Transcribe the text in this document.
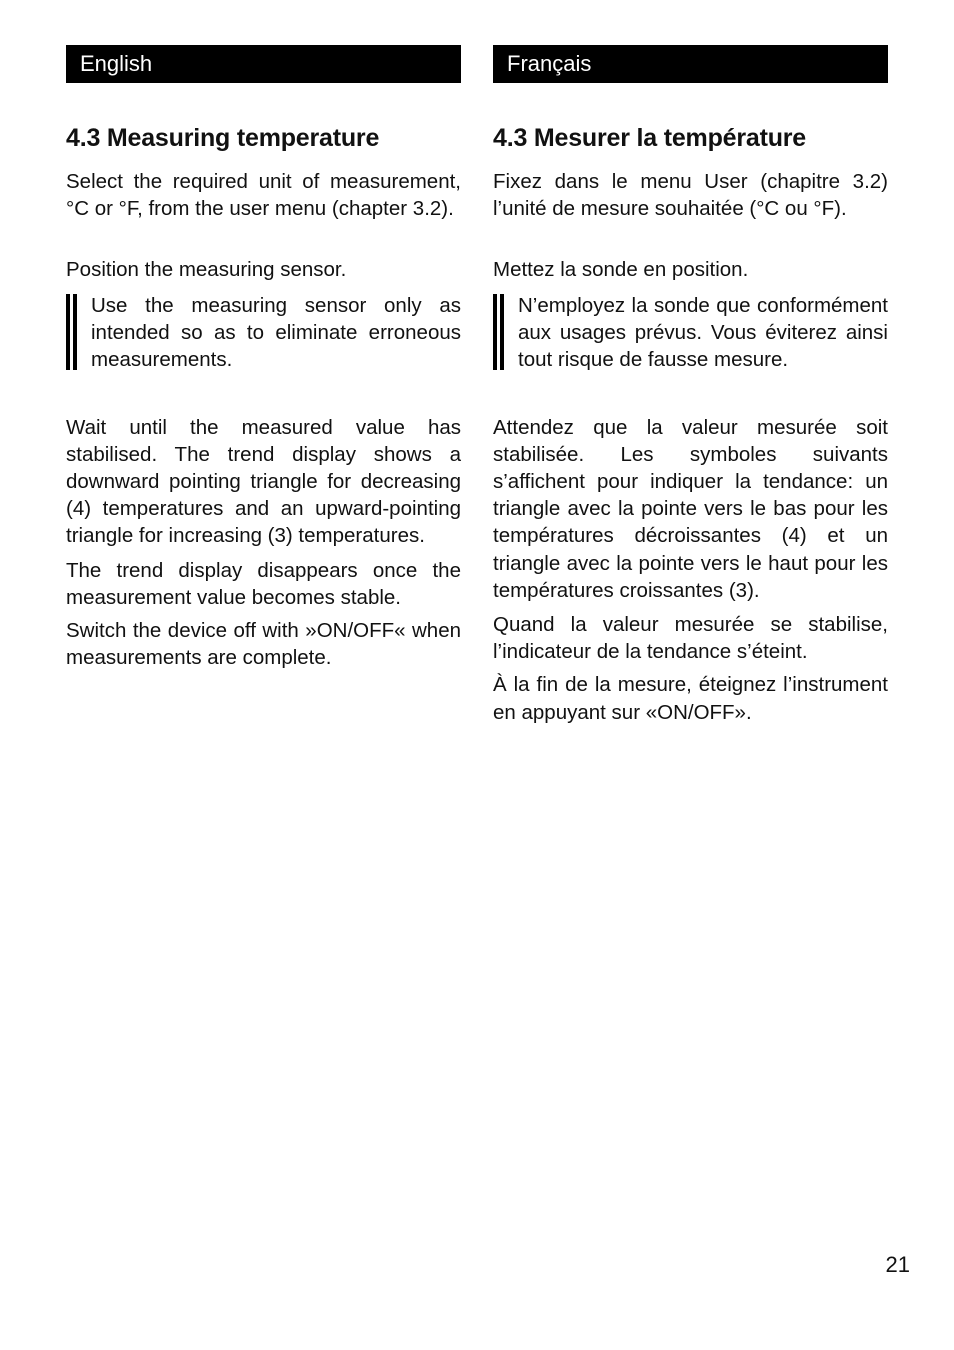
English
4.3 Measuring temperature

Select the required unit of measurement, °C or °F, from the user menu (chapter 3.2).

Position the measuring sensor.

Use the measuring sensor only as intended so as to eliminate erroneous measurements.

Wait until the measured value has stabilised. The trend display shows a downward pointing triangle for decreasing (4) temperatures and an upward-pointing triangle for increasing (3) temperatures.

The trend display disappears once the measurement value becomes stable.

Switch the device off with »ON/OFF« when measurements are complete.

Français
4.3 Mesurer la température

Fixez dans le menu User (chapitre 3.2) l’unité de mesure souhaitée (°C ou °F).

Mettez la sonde en position.

N’employez la sonde que conformément aux usages prévus. Vous éviterez ainsi tout risque de fausse mesure.

Attendez que la valeur mesurée soit stabilisée. Les symboles suivants s’affichent pour indiquer la tendance: un triangle avec la pointe vers le bas pour les températures décroissantes (4) et un triangle avec la pointe vers le haut pour les températures croissantes (3).

Quand la valeur mesurée se stabilise, l’indicateur de la tendance s’éteint.

À la fin de la mesure, éteignez l’instrument en appuyant sur «ON/OFF».

21
